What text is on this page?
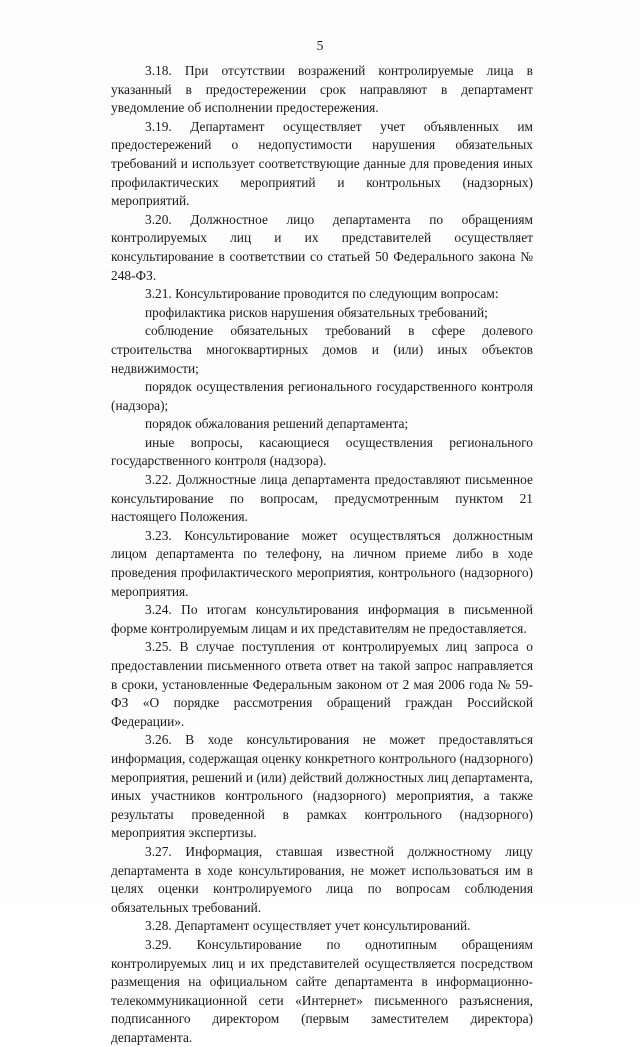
5

3.18. При отсутствии возражений контролируемые лица в указанный в предостережении срок направляют в департамент уведомление об исполнении предостережения.

3.19. Департамент осуществляет учет объявленных им предостережений о недопустимости нарушения обязательных требований и использует соответствующие данные для проведения иных профилактических мероприятий и контрольных (надзорных) мероприятий.

3.20. Должностное лицо департамента по обращениям контролируемых лиц и их представителей осуществляет консультирование в соответствии со статьей 50 Федерального закона № 248-ФЗ.

3.21. Консультирование проводится по следующим вопросам:

профилактика рисков нарушения обязательных требований;

соблюдение обязательных требований в сфере долевого строительства многоквартирных домов и (или) иных объектов недвижимости;

порядок осуществления регионального государственного контроля (надзора);

порядок обжалования решений департамента;

иные вопросы, касающиеся осуществления регионального государственного контроля (надзора).

3.22. Должностные лица департамента предоставляют письменное консультирование по вопросам, предусмотренным пунктом 21 настоящего Положения.

3.23. Консультирование может осуществляться должностным лицом департамента по телефону, на личном приеме либо в ходе проведения профилактического мероприятия, контрольного (надзорного) мероприятия.

3.24. По итогам консультирования информация в письменной форме контролируемым лицам и их представителям не предоставляется.

3.25. В случае поступления от контролируемых лиц запроса о предоставлении письменного ответа ответ на такой запрос направляется в сроки, установленные Федеральным законом от 2 мая 2006 года № 59-ФЗ «О порядке рассмотрения обращений граждан Российской Федерации».

3.26. В ходе консультирования не может предоставляться информация, содержащая оценку конкретного контрольного (надзорного) мероприятия, решений и (или) действий должностных лиц департамента, иных участников контрольного (надзорного) мероприятия, а также результаты проведенной в рамках контрольного (надзорного) мероприятия экспертизы.

3.27. Информация, ставшая известной должностному лицу департамента в ходе консультирования, не может использоваться им в целях оценки контролируемого лица по вопросам соблюдения обязательных требований.

3.28. Департамент осуществляет учет консультирований.

3.29. Консультирование по однотипным обращениям контролируемых лиц и их представителей осуществляется посредством размещения на официальном сайте департамента в информационно-телекоммуникационной сети «Интернет» письменного разъяснения, подписанного директором (первым заместителем директора) департамента.
